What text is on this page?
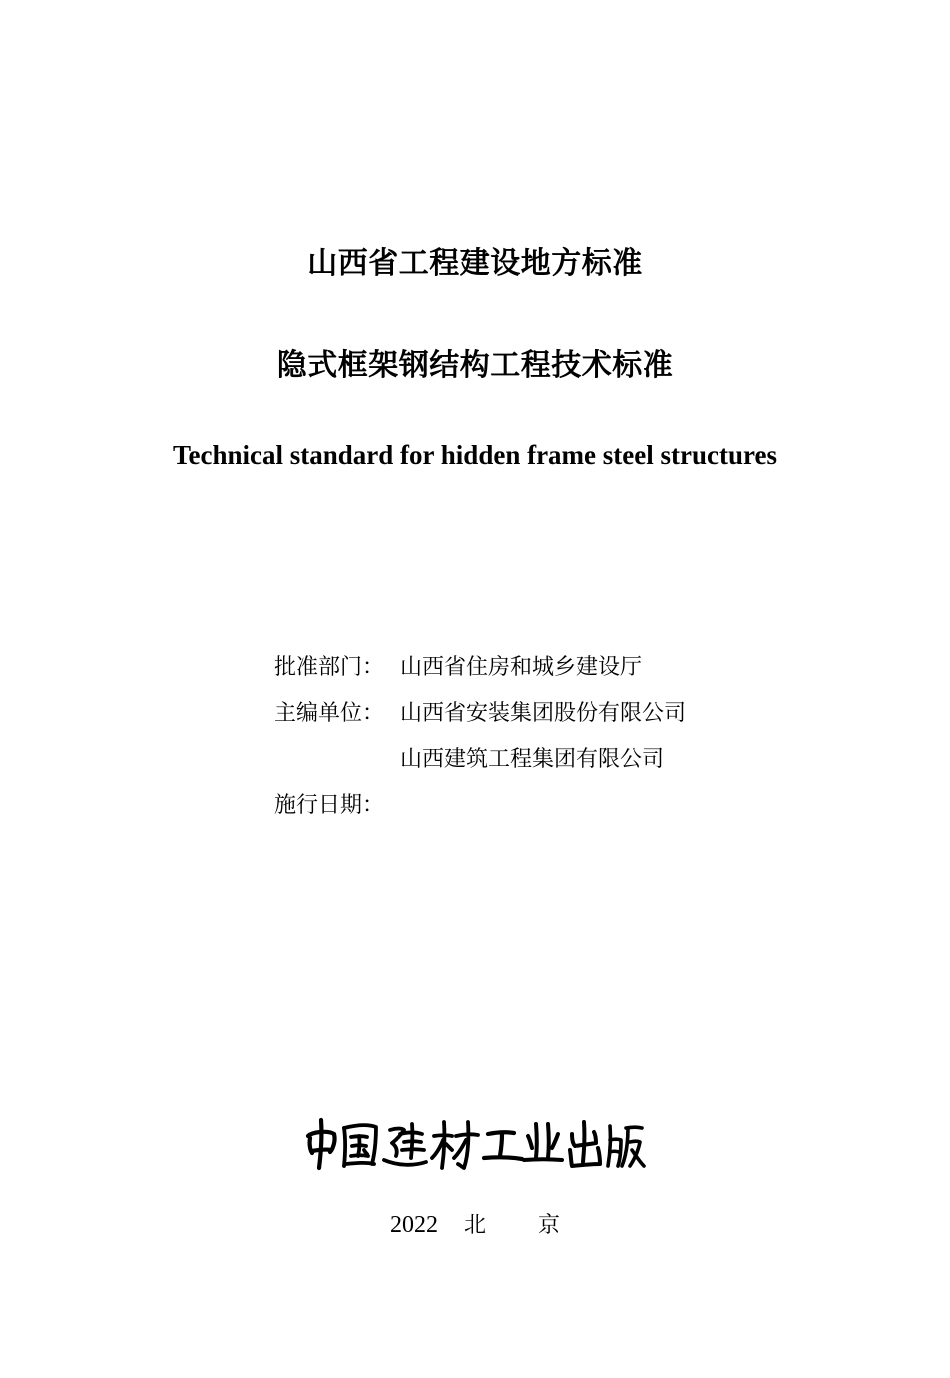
山西省工程建设地方标准
隐式框架钢结构工程技术标准
Technical standard for hidden frame steel structures
批准部门： 山西省住房和城乡建设厅
主编单位： 山西省安装集团股份有限公司
山西建筑工程集团有限公司
施行日期：
2022 北 京
